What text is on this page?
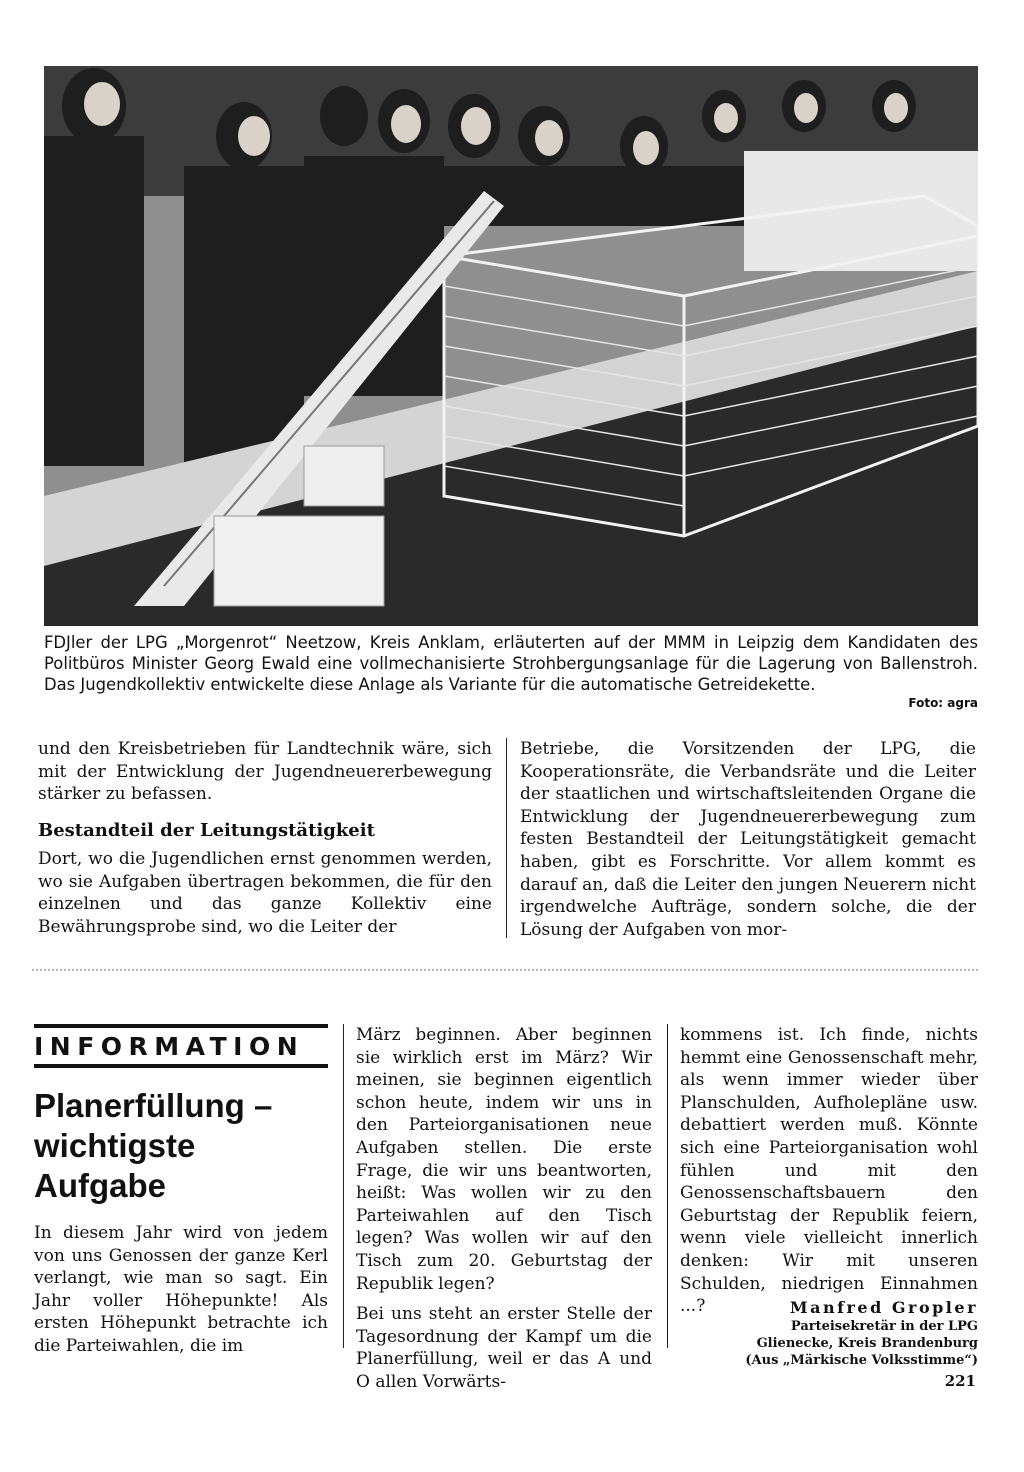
FDJler der LPG „Morgenrot“ Neetzow, Kreis Anklam, erläuterten auf der MMM in Leipzig dem Kandidaten des Politbüros Minister Georg Ewald eine vollmechanisierte Strohbergungsanlage für die Lagerung von Ballenstroh. Das Jugendkollektiv entwickelte diese Anlage als Variante für die automatische Getreidekette.
Foto: agra

und den Kreisbetrieben für Landtechnik wäre, sich mit der Entwicklung der Jugendneuererbewegung stärker zu befassen.

Bestandteil der Leitungstätigkeit

Dort, wo die Jugendlichen ernst genommen werden, wo sie Aufgaben übertragen bekommen, die für den einzelnen und das ganze Kollektiv eine Bewährungsprobe sind, wo die Leiter der

Betriebe, die Vorsitzenden der LPG, die Kooperationsräte, die Verbandsräte und die Leiter der staatlichen und wirtschaftsleitenden Organe die Entwicklung der Jugendneuererbewegung zum festen Bestandteil der Leitungstätigkeit gemacht haben, gibt es Forschritte. Vor allem kommt es darauf an, daß die Leiter den jungen Neuerern nicht irgendwelche Aufträge, sondern solche, die der Lösung der Aufgaben von mor-

INFORMATION
Planerfüllung – wichtigste Aufgabe

In diesem Jahr wird von jedem von uns Genossen der ganze Kerl verlangt, wie man so sagt. Ein Jahr voller Höhepunkte! Als ersten Höhepunkt betrachte ich die Parteiwahlen, die im

März beginnen. Aber beginnen sie wirklich erst im März? Wir meinen, sie beginnen eigentlich schon heute, indem wir uns in den Parteiorganisationen neue Aufgaben stellen. Die erste Frage, die wir uns beantworten, heißt: Was wollen wir zu den Parteiwahlen auf den Tisch legen? Was wollen wir auf den Tisch zum 20. Geburtstag der Republik legen?

Bei uns steht an erster Stelle der Tagesordnung der Kampf um die Planerfüllung, weil er das A und O allen Vorwärts-

kommens ist. Ich finde, nichts hemmt eine Genossenschaft mehr, als wenn immer wieder über Planschulden, Aufholepläne usw. debattiert werden muß. Könnte sich eine Parteiorganisation wohl fühlen und mit den Genossenschaftsbauern den Geburtstag der Republik feiern, wenn viele vielleicht innerlich denken: Wir mit unseren Schulden, niedrigen Einnahmen ...?	Manfred Gropler
Parteisekretär in der LPG
Glienecke, Kreis Brandenburg
(Aus „Märkische Volksstimme“)
221
